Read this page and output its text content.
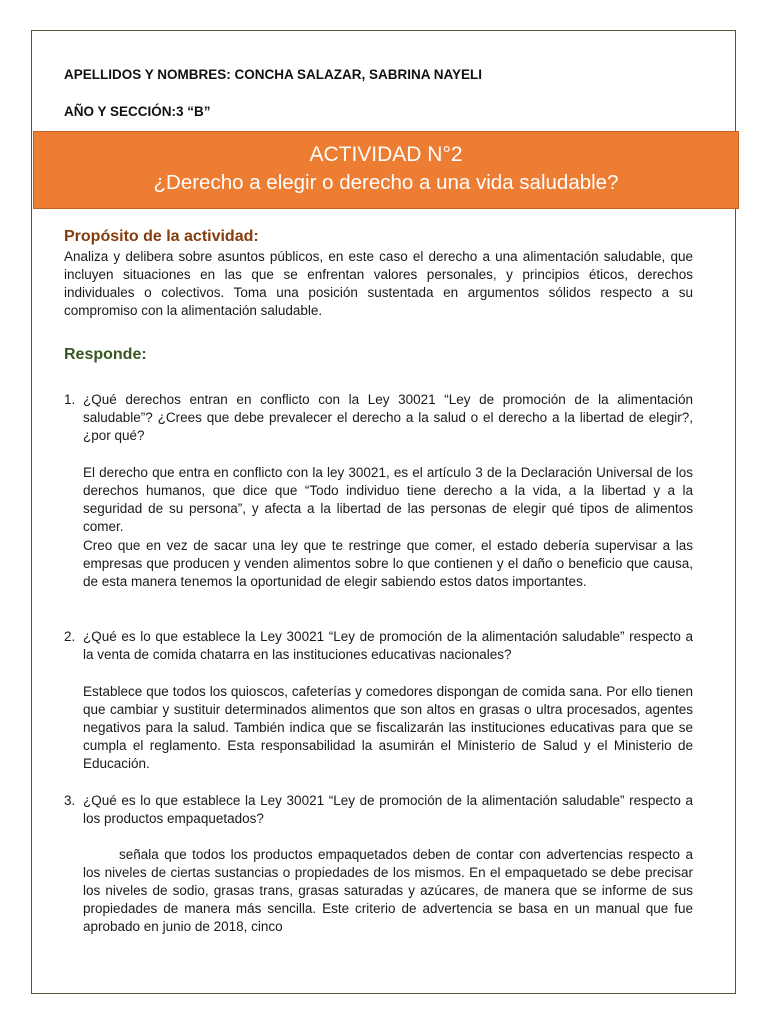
APELLIDOS Y NOMBRES: CONCHA SALAZAR, SABRINA NAYELI
AÑO Y SECCIÓN:3 “B”
ACTIVIDAD N°2
¿Derecho a elegir o derecho a una vida saludable?
Propósito de la actividad:

Analiza y delibera sobre asuntos públicos, en este caso el derecho a una alimentación saludable, que incluyen situaciones en las que se enfrentan valores personales, y principios éticos, derechos individuales o colectivos. Toma una posición sustentada en argumentos sólidos respecto a su compromiso con la alimentación saludable.

Responde:
1. ¿Qué derechos entran en conflicto con la Ley 30021 “Ley de promoción de la alimentación saludable”? ¿Crees que debe prevalecer el derecho a la salud o el derecho a la libertad de elegir?, ¿por qué?

El derecho que entra en conflicto con la ley 30021, es el artículo 3 de la Declaración Universal de los derechos humanos, que dice que “Todo individuo tiene derecho a la vida, a la libertad y a la seguridad de su persona”, y afecta a la libertad de las personas de elegir qué tipos de alimentos comer.

Creo que en vez de sacar una ley que te restringe que comer, el estado debería supervisar a las empresas que producen y venden alimentos sobre lo que contienen y el daño o beneficio que causa, de esta manera tenemos la oportunidad de elegir sabiendo estos datos importantes.

2. ¿Qué es lo que establece la Ley 30021 “Ley de promoción de la alimentación saludable” respecto a la venta de comida chatarra en las instituciones educativas nacionales?

Establece que todos los quioscos, cafeterías y comedores dispongan de comida sana. Por ello tienen que cambiar y sustituir determinados alimentos que son altos en grasas o ultra procesados, agentes negativos para la salud. También indica que se fiscalizarán las instituciones educativas para que se cumpla el reglamento. Esta responsabilidad la asumirán el Ministerio de Salud y el Ministerio de Educación.

3. ¿Qué es lo que establece la Ley 30021 “Ley de promoción de la alimentación saludable” respecto a los productos empaquetados?

señala que todos los productos empaquetados deben de contar con advertencias respecto a los niveles de ciertas sustancias o propiedades de los mismos. En el empaquetado se debe precisar los niveles de sodio, grasas trans, grasas saturadas y azúcares, de manera que se informe de sus propiedades de manera más sencilla. Este criterio de advertencia se basa en un manual que fue aprobado en junio de 2018, cinco
